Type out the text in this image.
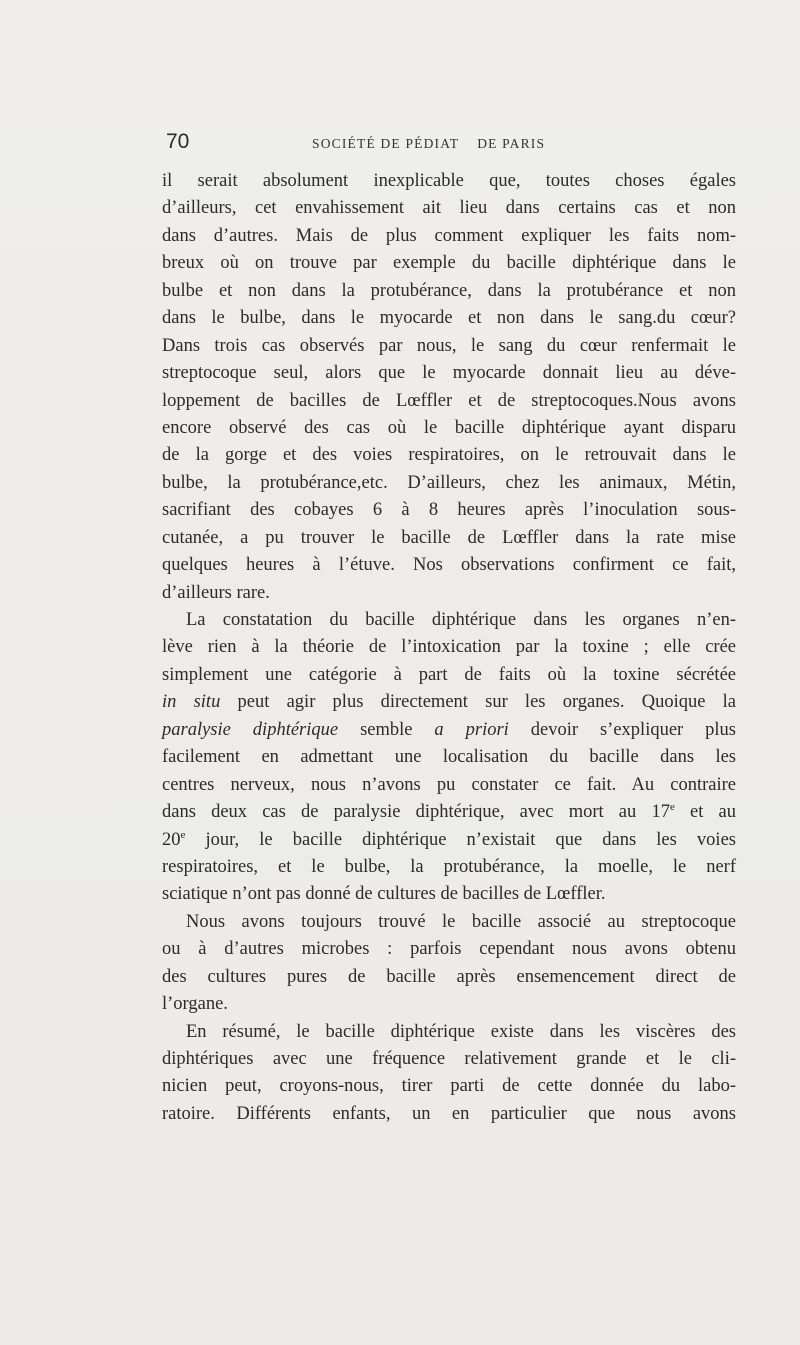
70	SOCIÉTÉ DE PÉDIAT    DE PARIS
il serait absolument inexplicable que, toutes choses égales
d’ailleurs, cet envahissement ait lieu dans certains cas et non
dans d’autres. Mais de plus comment expliquer les faits nom-
breux où on trouve par exemple du bacille diphtérique dans le
bulbe et non dans la protubérance, dans la protubérance et non
dans le bulbe, dans le myocarde et non dans le sang.du cœur?
Dans trois cas observés par nous, le sang du cœur renfermait le
streptocoque seul, alors que le myocarde donnait lieu au déve-
loppement de bacilles de Lœffler et de streptocoques.Nous avons
encore observé des cas où le bacille diphtérique ayant disparu
de la gorge et des voies respiratoires, on le retrouvait dans le
bulbe, la protubérance,etc. D’ailleurs, chez les animaux, Métin,
sacrifiant des cobayes 6 à 8 heures après l’inoculation sous-
cutanée, a pu trouver le bacille de Lœffler dans la rate mise
quelques heures à l’étuve. Nos observations confirment ce fait,
d’ailleurs rare.
La constatation du bacille diphtérique dans les organes n’en-
lève rien à la théorie de l’intoxication par la toxine ; elle crée
simplement une catégorie à part de faits où la toxine sécrétée
in situ peut agir plus directement sur les organes. Quoique la
paralysie diphtérique semble a priori devoir s’expliquer plus
facilement en admettant une localisation du bacille dans les
centres nerveux, nous n’avons pu constater ce fait. Au contraire
dans deux cas de paralysie diphtérique, avec mort au 17e et au
20e jour, le bacille diphtérique n’existait que dans les voies
respiratoires, et le bulbe, la protubérance, la moelle, le nerf
sciatique n’ont pas donné de cultures de bacilles de Lœffler.
Nous avons toujours trouvé le bacille associé au streptocoque
ou à d’autres microbes : parfois cependant nous avons obtenu
des cultures pures de bacille après ensemencement direct de
l’organe.
En résumé, le bacille diphtérique existe dans les viscères des
diphtériques avec une fréquence relativement grande et le cli-
nicien peut, croyons-nous, tirer parti de cette donnée du labo-
ratoire. Différents enfants, un en particulier que nous avons
